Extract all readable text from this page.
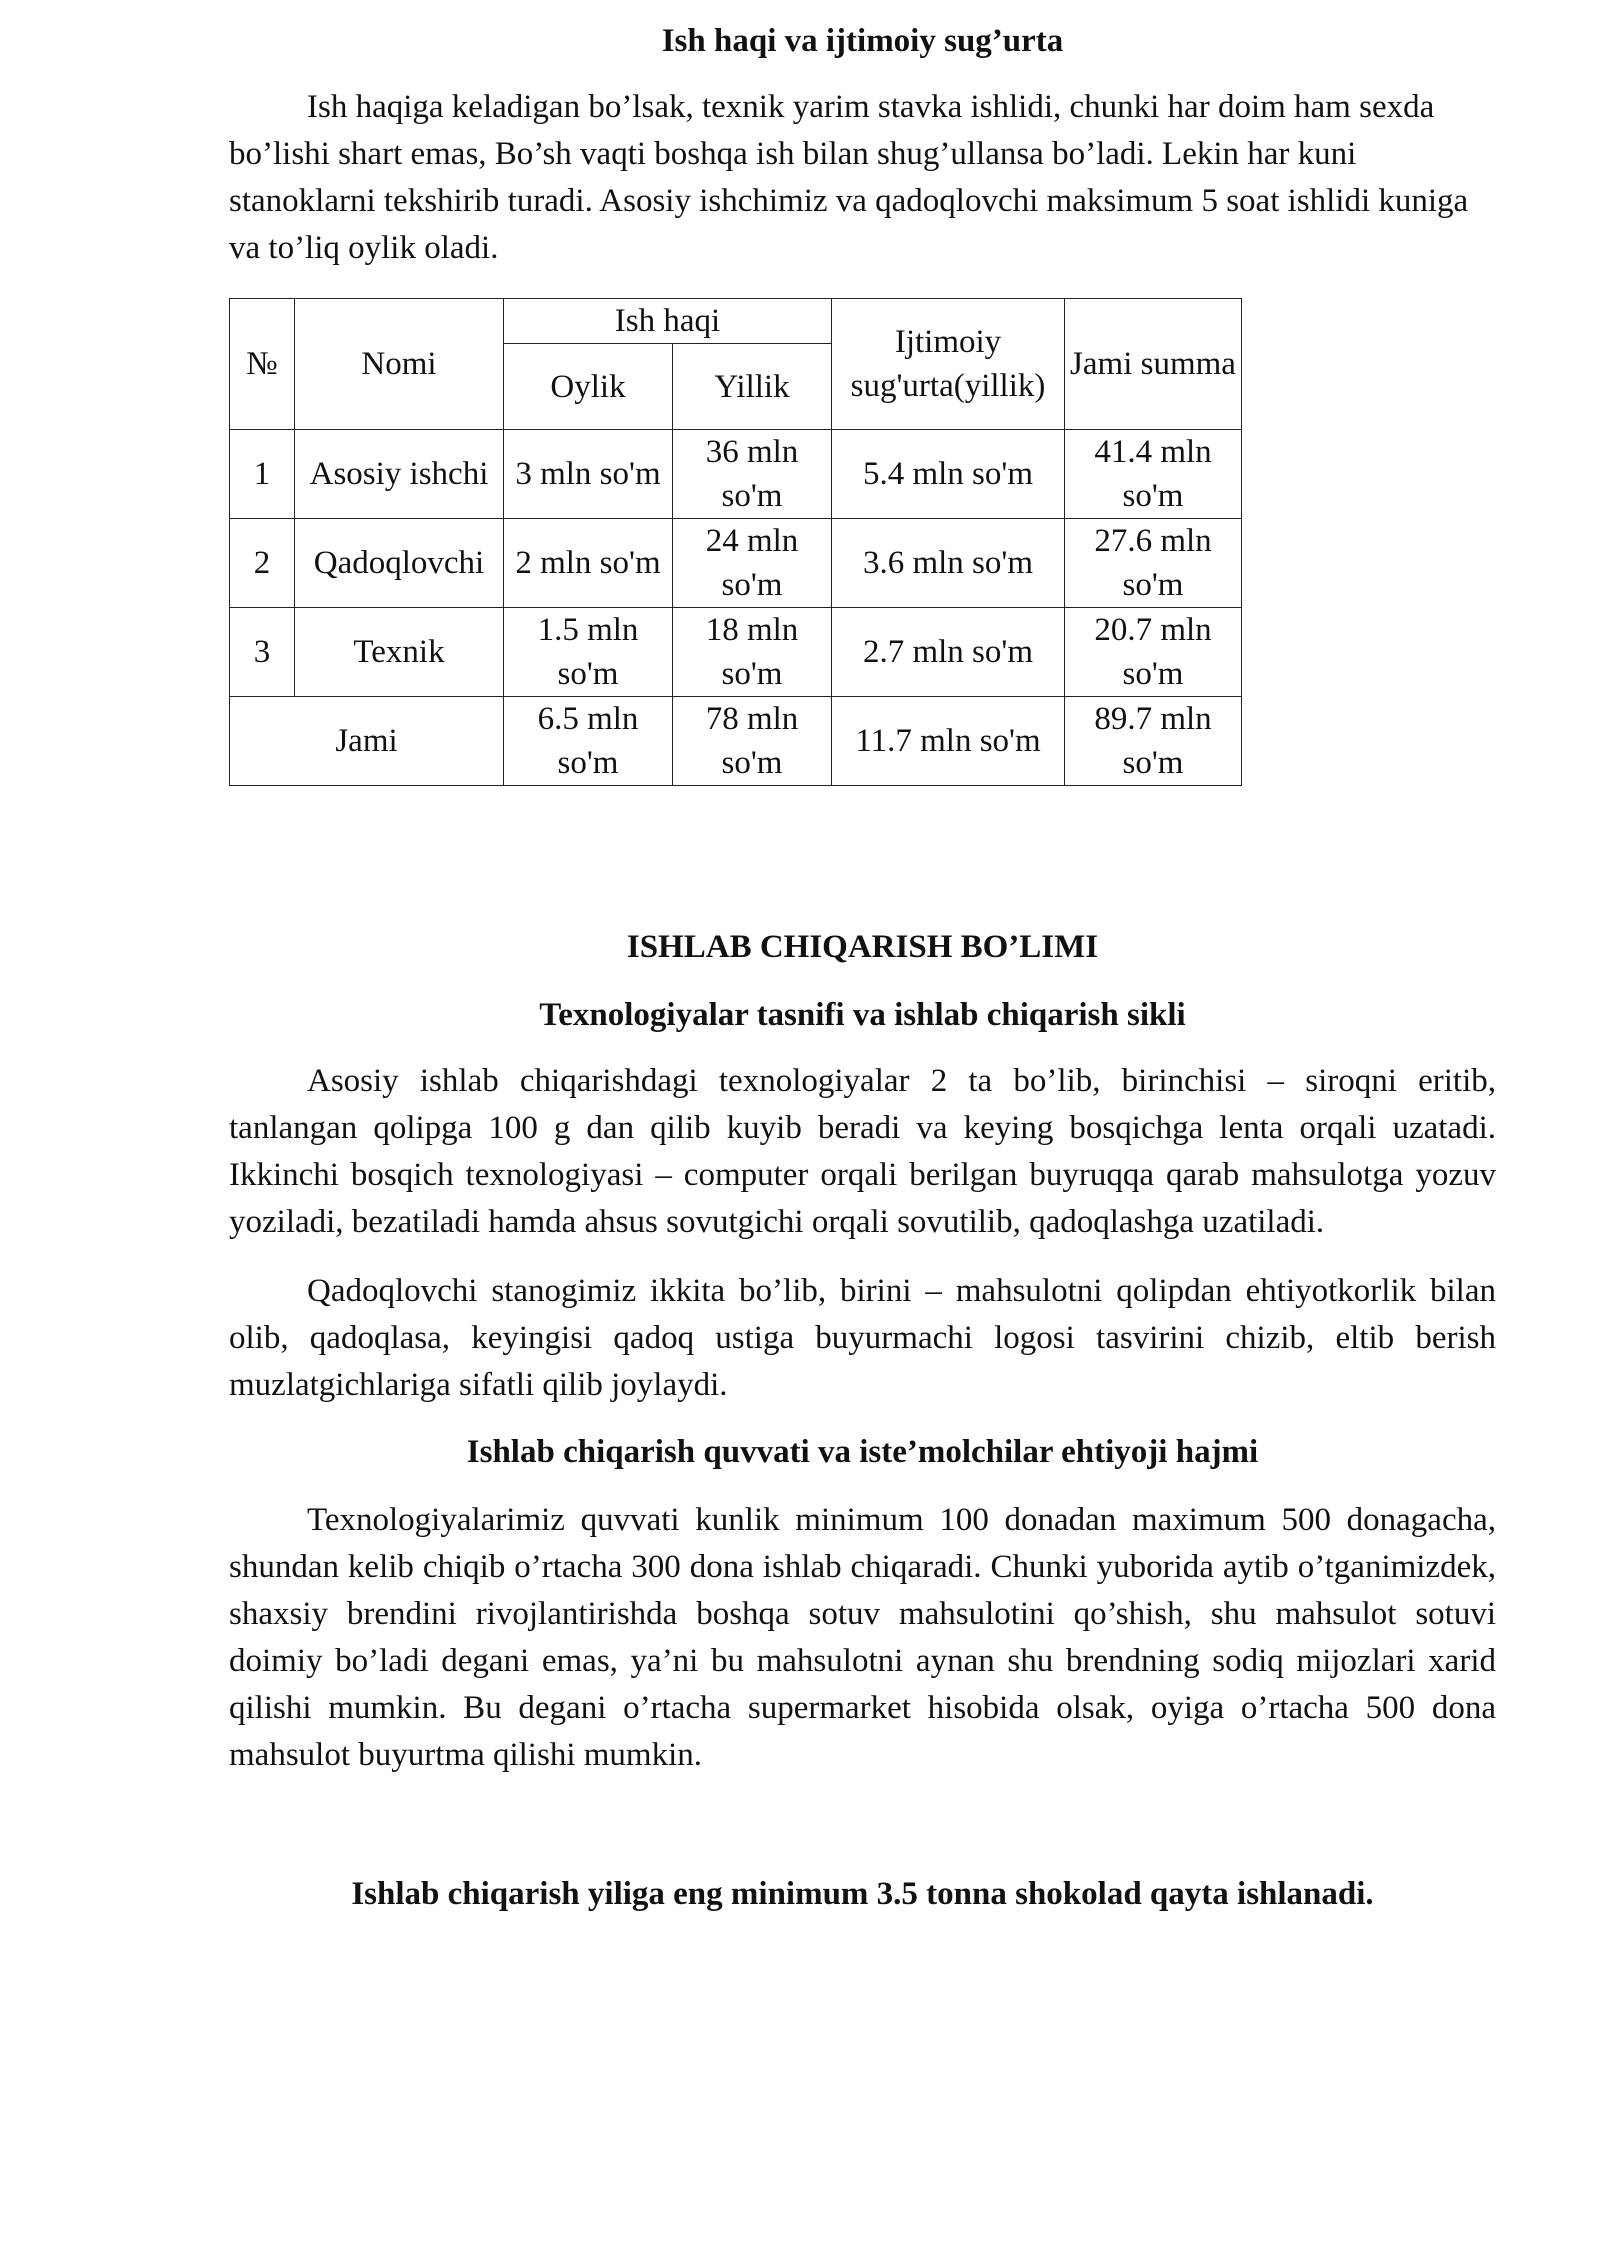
Ish haqi va ijtimoiy sug’urta

Ish haqiga keladigan bo’lsak, texnik yarim stavka ishlidi, chunki har doim ham sexda bo’lishi shart emas, Bo’sh vaqti boshqa ish bilan shug’ullansa bo’ladi. Lekin har kuni stanoklarni tekshirib turadi. Asosiy ishchimiz va qadoqlovchi maksimum 5 soat ishlidi kuniga va to’liq oylik oladi.

№	Nomi	Ish haqi		Ijtimoiy sug'urta(yillik)	Jami summa
		Oylik	Yillik		
1	Asosiy ishchi	3 mln so'm	36 mln so'm	5.4 mln so'm	41.4 mln so'm
2	Qadoqlovchi	2 mln so'm	24 mln so'm	3.6 mln so'm	27.6 mln so'm
3	Texnik	1.5 mln so'm	18 mln so'm	2.7 mln so'm	20.7 mln so'm
Jami		6.5 mln so'm	78 mln so'm	11.7 mln so'm	89.7 mln so'm
ISHLAB CHIQARISH BO’LIMI
Texnologiyalar tasnifi va ishlab chiqarish sikli

Asosiy ishlab chiqarishdagi texnologiyalar 2 ta bo’lib, birinchisi – siroqni eritib, tanlangan qolipga 100 g dan qilib kuyib beradi va keying bosqichga lenta orqali uzatadi. Ikkinchi bosqich texnologiyasi – computer orqali berilgan buyruqqa qarab mahsulotga yozuv yoziladi, bezatiladi hamda ahsus sovutgichi orqali sovutilib, qadoqlashga uzatiladi.

Qadoqlovchi stanogimiz ikkita bo’lib, birini – mahsulotni qolipdan ehtiyotkorlik bilan olib, qadoqlasa, keyingisi qadoq ustiga buyurmachi logosi tasvirini chizib, eltib berish muzlatgichlariga sifatli qilib joylaydi.

Ishlab chiqarish quvvati va iste’molchilar ehtiyoji hajmi

Texnologiyalarimiz quvvati kunlik minimum 100 donadan maximum 500 donagacha, shundan kelib chiqib o’rtacha 300 dona ishlab chiqaradi. Chunki yuborida aytib o’tganimizdek, shaxsiy brendini rivojlantirishda boshqa sotuv mahsulotini qo’shish, shu mahsulot sotuvi doimiy bo’ladi degani emas, ya’ni bu mahsulotni aynan shu brendning sodiq mijozlari xarid qilishi mumkin. Bu degani o’rtacha supermarket hisobida olsak, oyiga o’rtacha 500 dona mahsulot buyurtma qilishi mumkin.

Ishlab chiqarish yiliga eng minimum 3.5 tonna shokolad qayta ishlanadi.
